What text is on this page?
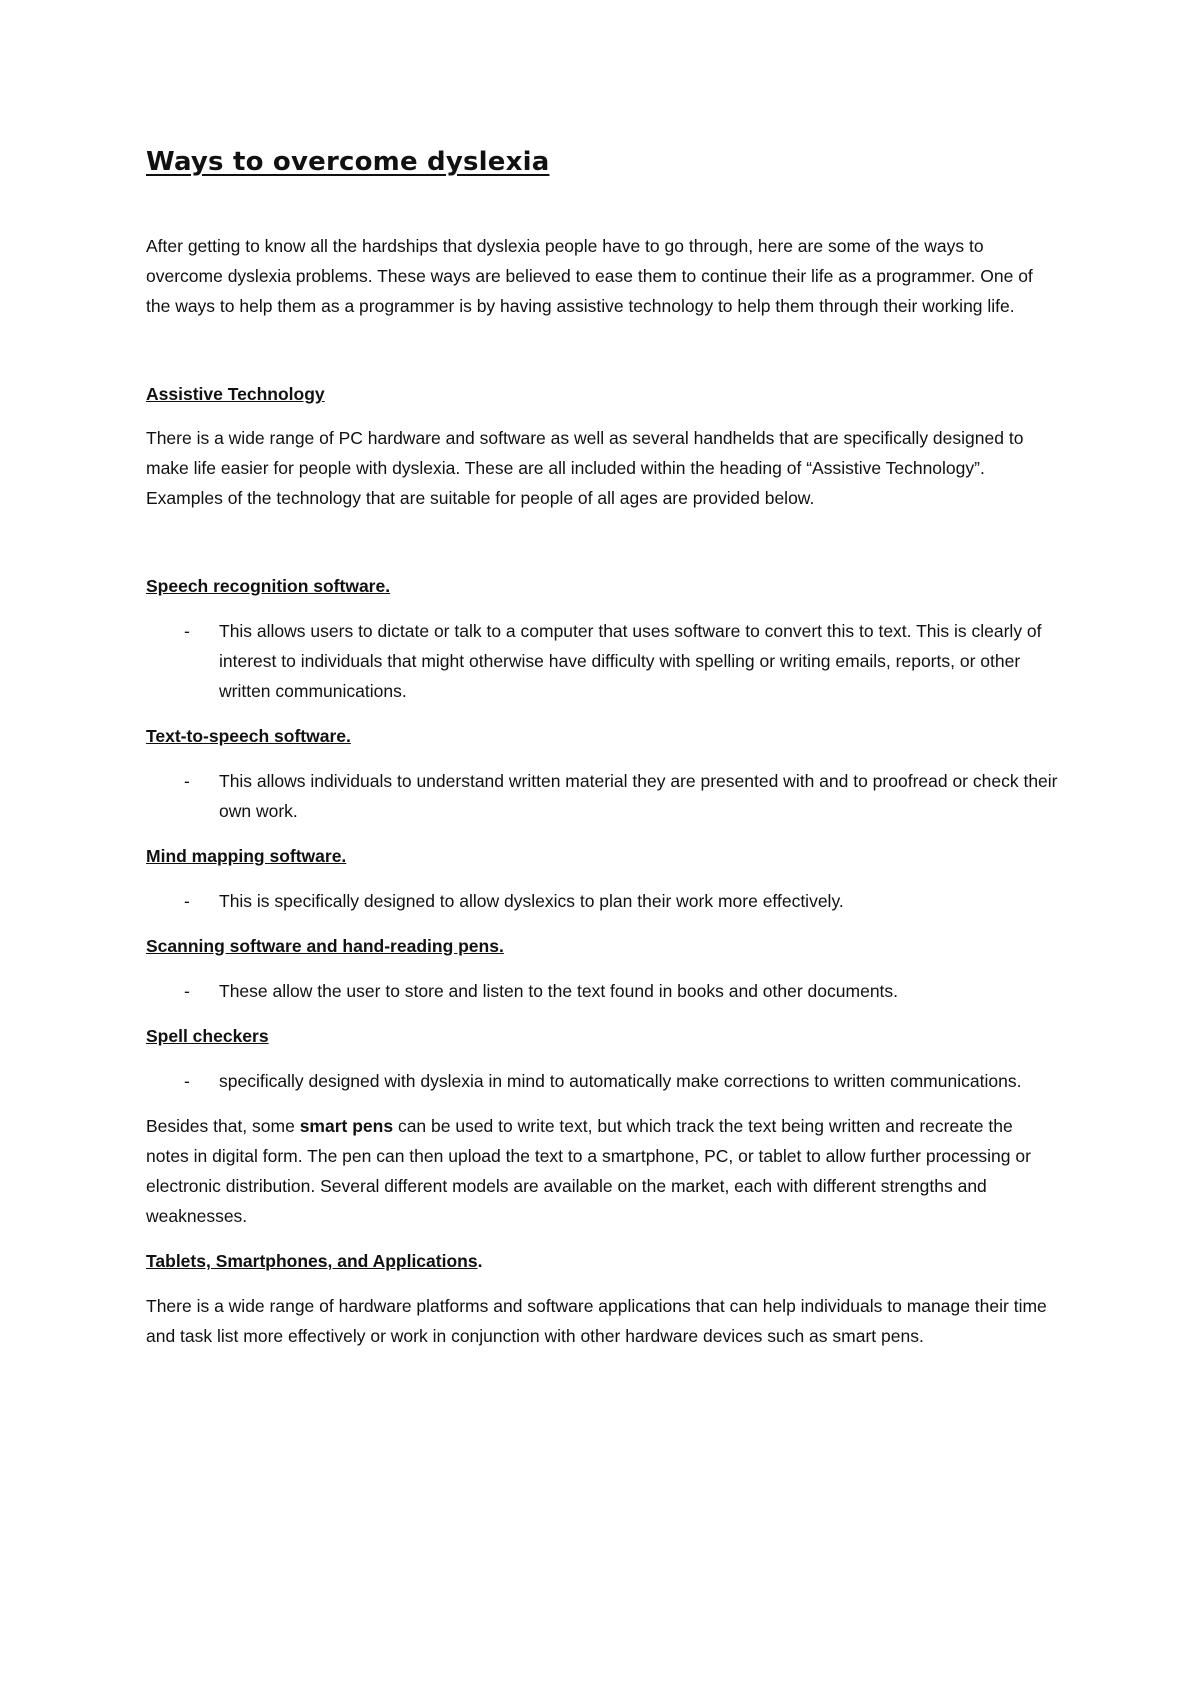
Ways to overcome dyslexia

After getting to know all the hardships that dyslexia people have to go through, here are some of the ways to overcome dyslexia problems. These ways are believed to ease them to continue their life as a programmer. One of the ways to help them as a programmer is by having assistive technology to help them through their working life.

Assistive Technology

There is a wide range of PC hardware and software as well as several handhelds that are specifically designed to make life easier for people with dyslexia. These are all included within the heading of “Assistive Technology”. Examples of the technology that are suitable for people of all ages are provided below.

Speech recognition software.
- This allows users to dictate or talk to a computer that uses software to convert this to text. This is clearly of interest to individuals that might otherwise have difficulty with spelling or writing emails, reports, or other written communications.
Text-to-speech software.
- This allows individuals to understand written material they are presented with and to proofread or check their own work.
Mind mapping software.
- This is specifically designed to allow dyslexics to plan their work more effectively.
Scanning software and hand-reading pens.
- These allow the user to store and listen to the text found in books and other documents.
Spell checkers
- specifically designed with dyslexia in mind to automatically make corrections to written communications.

Besides that, some smart pens can be used to write text, but which track the text being written and recreate the notes in digital form. The pen can then upload the text to a smartphone, PC, or tablet to allow further processing or electronic distribution. Several different models are available on the market, each with different strengths and weaknesses.

Tablets, Smartphones, and Applications.

There is a wide range of hardware platforms and software applications that can help individuals to manage their time and task list more effectively or work in conjunction with other hardware devices such as smart pens.
